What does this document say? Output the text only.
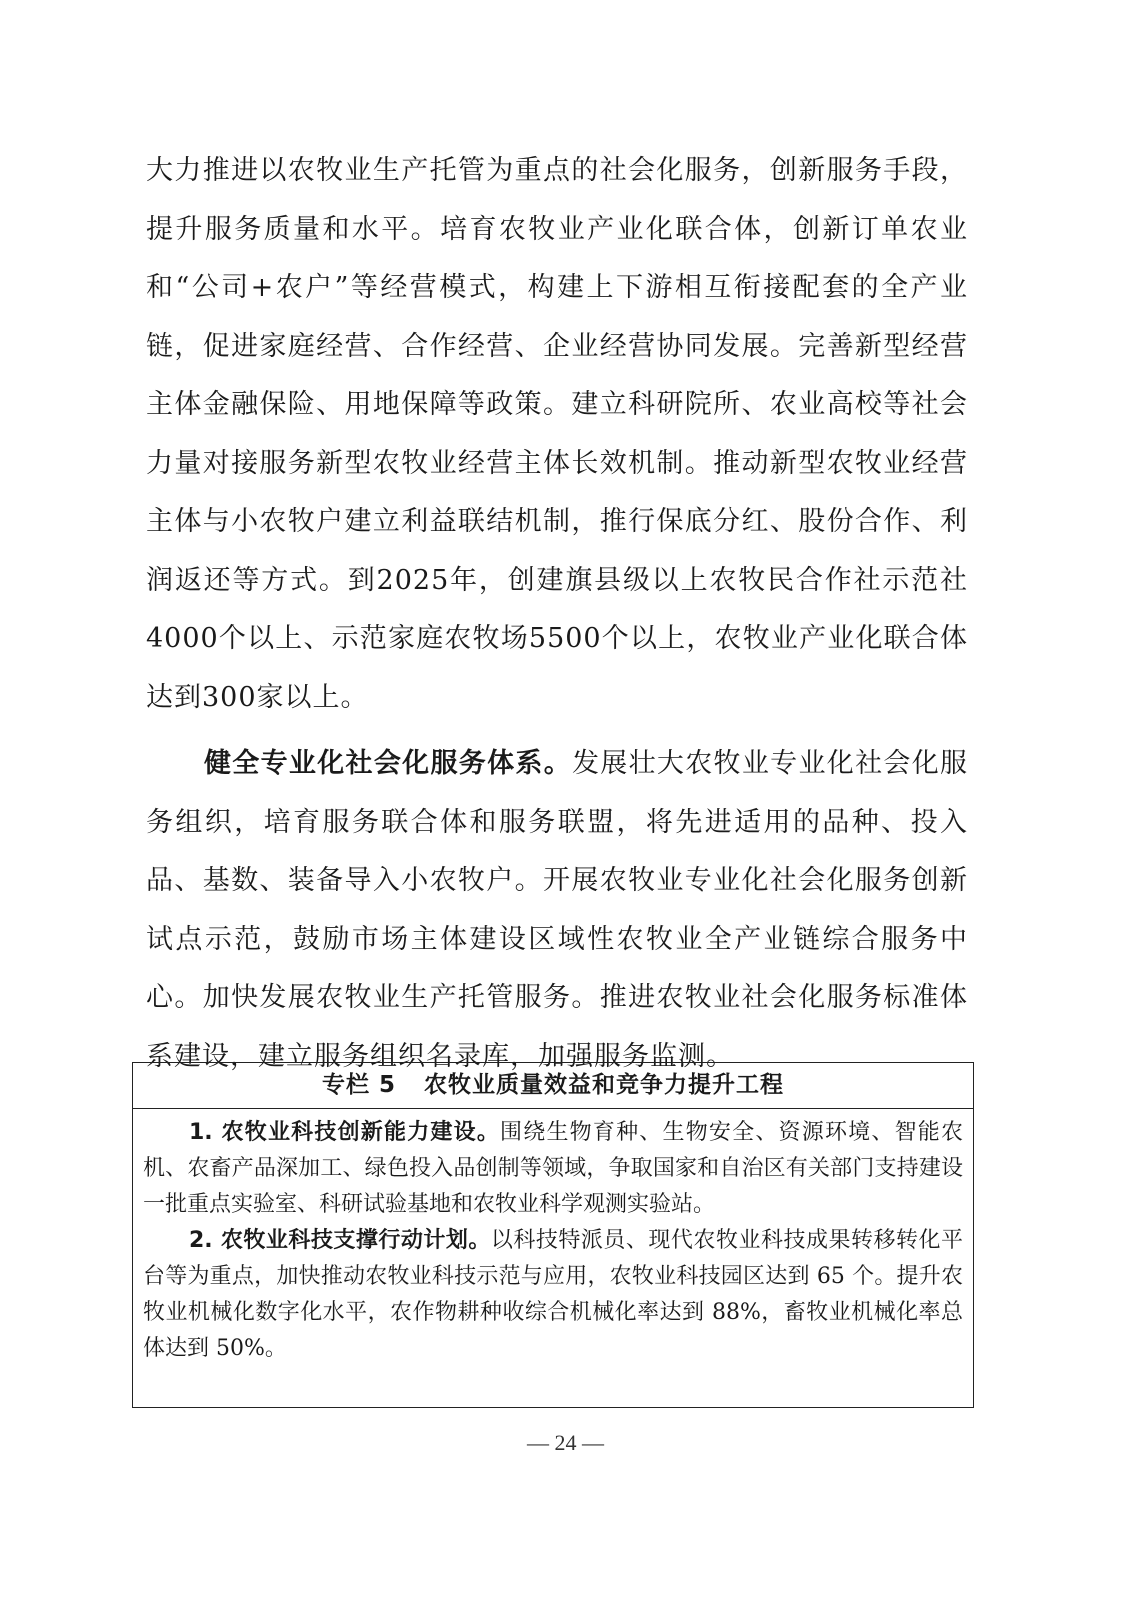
大力推进以农牧业生产托管为重点的社会化服务，创新服务手段，提升服务质量和水平。培育农牧业产业化联合体，创新订单农业和“公司+农户”等经营模式，构建上下游相互衔接配套的全产业链，促进家庭经营、合作经营、企业经营协同发展。完善新型经营主体金融保险、用地保障等政策。建立科研院所、农业高校等社会力量对接服务新型农牧业经营主体长效机制。推动新型农牧业经营主体与小农牧户建立利益联结机制，推行保底分红、股份合作、利润返还等方式。到2025年，创建旗县级以上农牧民合作社示范社4000个以上、示范家庭农牧场5500个以上，农牧业产业化联合体达到300家以上。

健全专业化社会化服务体系。发展壮大农牧业专业化社会化服务组织，培育服务联合体和服务联盟，将先进适用的品种、投入品、基数、装备导入小农牧户。开展农牧业专业化社会化服务创新试点示范，鼓励市场主体建设区域性农牧业全产业链综合服务中心。加快发展农牧业生产托管服务。推进农牧业社会化服务标准体系建设，建立服务组织名录库，加强服务监测。

专栏 5 农牧业质量效益和竞争力提升工程

1. 农牧业科技创新能力建设。围绕生物育种、生物安全、资源环境、智能农机、农畜产品深加工、绿色投入品创制等领域，争取国家和自治区有关部门支持建设一批重点实验室、科研试验基地和农牧业科学观测实验站。

2. 农牧业科技支撑行动计划。以科技特派员、现代农牧业科技成果转移转化平台等为重点，加快推动农牧业科技示范与应用，农牧业科技园区达到 65 个。提升农牧业机械化数字化水平，农作物耕种收综合机械化率达到 88%，畜牧业机械化率总体达到 50%。

— 24 —
